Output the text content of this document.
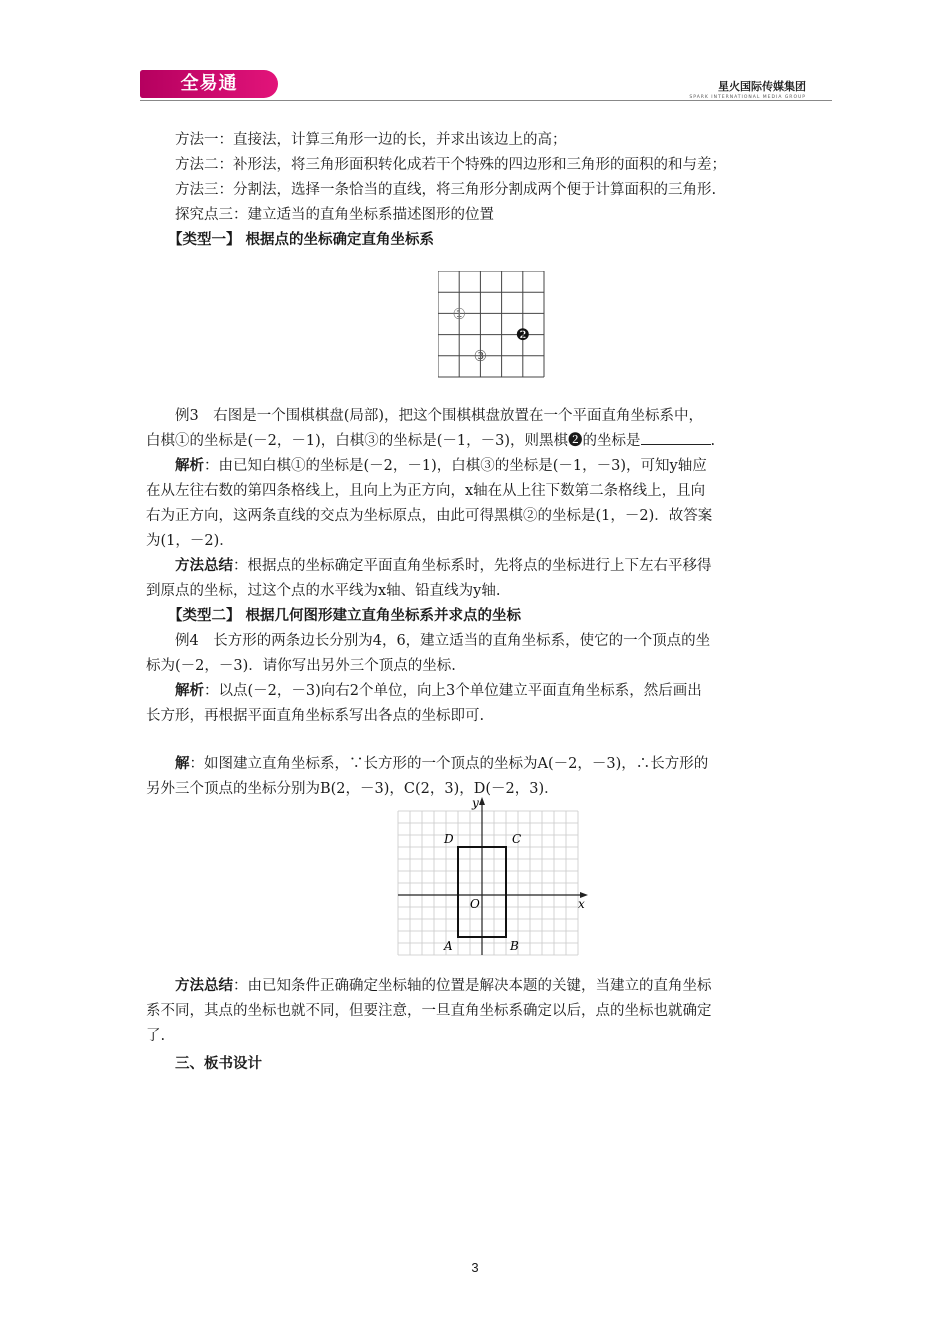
全易通	星火国际传媒集团
SPARK INTERNATIONAL MEDIA GROUP
方法一：直接法，计算三角形一边的长，并求出该边上的高；
方法二：补形法，将三角形面积转化成若干个特殊的四边形和三角形的面积的和与差；
方法三：分割法，选择一条恰当的直线，将三角形分割成两个便于计算面积的三角形.
探究点三：建立适当的直角坐标系描述图形的位置
【类型一】 根据点的坐标确定直角坐标系
①
❷
③
例3　右图是一个围棋棋盘(局部)，把这个围棋棋盘放置在一个平面直角坐标系中，
白棋①的坐标是(－2，－1)，白棋③的坐标是(－1，－3)，则黑棋❷的坐标是	.
解析：由已知白棋①的坐标是(－2，－1)，白棋③的坐标是(－1，－3)，可知y轴应
在从左往右数的第四条格线上，且向上为正方向，x轴在从上往下数第二条格线上，且向
右为正方向，这两条直线的交点为坐标原点，由此可得黑棋②的坐标是(1，－2)．故答案
为(1，－2)．
方法总结：根据点的坐标确定平面直角坐标系时，先将点的坐标进行上下左右平移得
到原点的坐标，过这个点的水平线为x轴、铅直线为y轴.
【类型二】 根据几何图形建立直角坐标系并求点的坐标
例4　长方形的两条边长分别为4，6，建立适当的直角坐标系，使它的一个顶点的坐
标为(－2，－3)．请你写出另外三个顶点的坐标.
解析：以点(－2，－3)向右2个单位，向上3个单位建立平面直角坐标系，然后画出
长方形，再根据平面直角坐标系写出各点的坐标即可.
解：如图建立直角坐标系，∵长方形的一个顶点的坐标为A(－2，－3)，∴长方形的
另外三个顶点的坐标分别为B(2，－3)，C(2，3)，D(－2，3)．
x
y
O
A	B
C
D
方法总结：由已知条件正确确定坐标轴的位置是解决本题的关键，当建立的直角坐标
系不同，其点的坐标也就不同，但要注意，一旦直角坐标系确定以后，点的坐标也就确定
了.
三、板书设计
3
